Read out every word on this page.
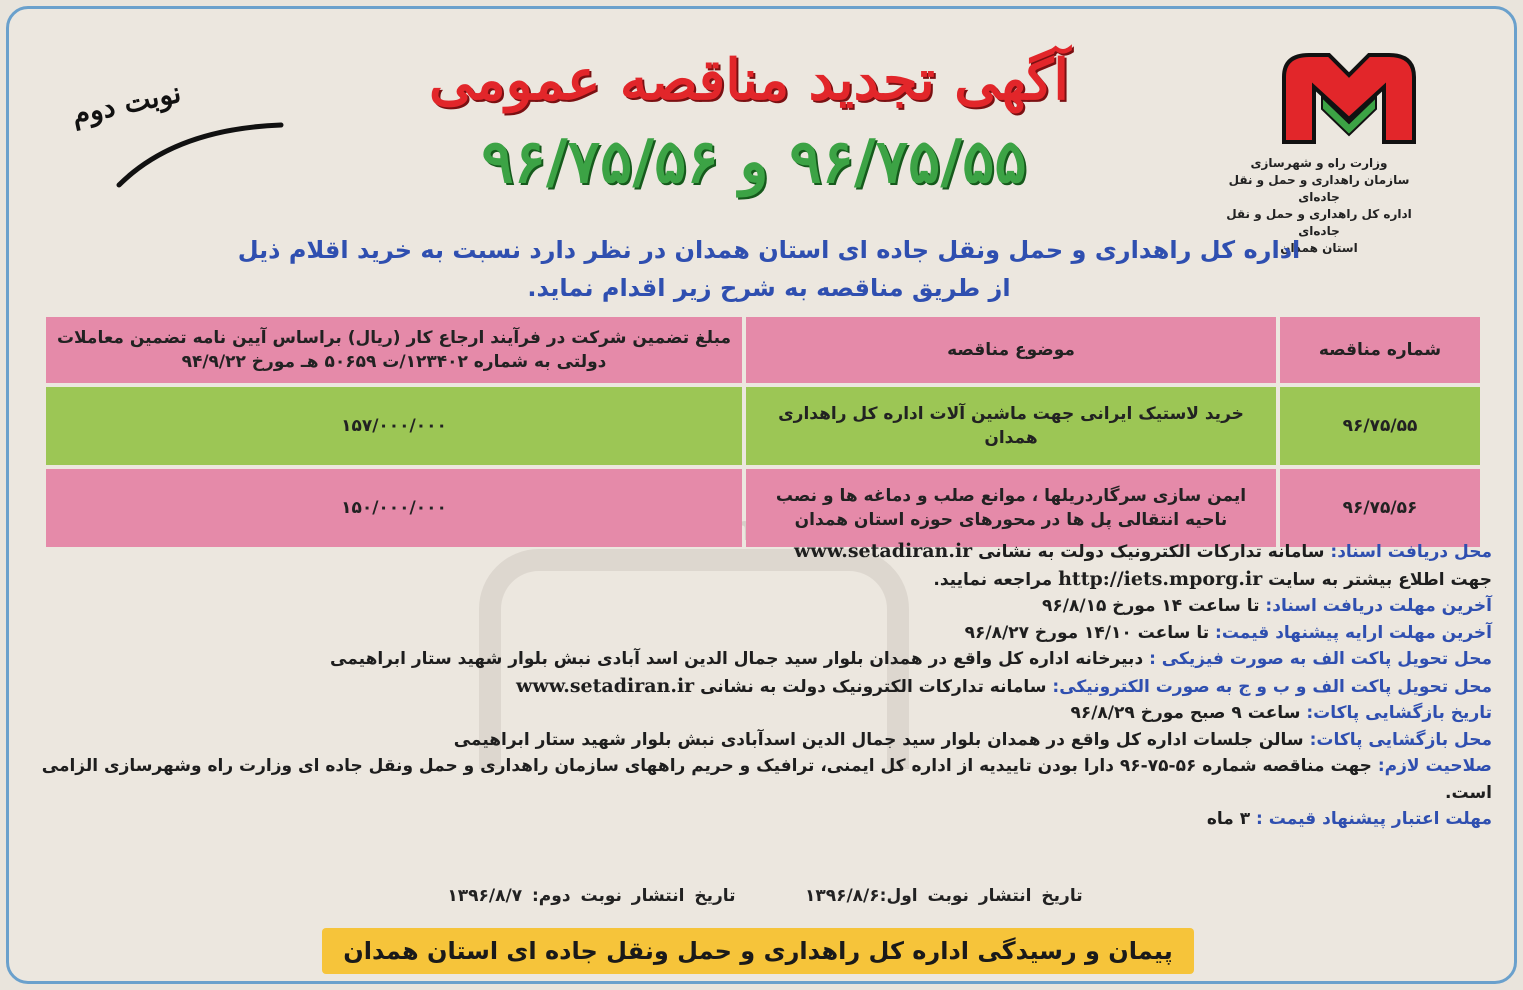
وزارت راه و شهرسازی
سازمان راهداری و حمل و نقل جاده‌ای
اداره کل راهداری و حمل و نقل جاده‌ای
استان همدان
آگهی تجدید مناقصه عمومی
۹۶/۷۵/۵۵ و ۹۶/۷۵/۵۶
نوبت دوم
اداره کل راهداری و حمل ونقل جاده ای استان همدان در نظر دارد نسبت به خرید اقلام ذیل
از طریق مناقصه به شرح زیر اقدام نماید.
شماره مناقصه	موضوع مناقصه	مبلغ تضمین شرکت در فرآیند ارجاع کار (ریال) براساس آیین نامه تضمین معاملات دولتی به شماره ۱۲۳۴۰۲/ت ۵۰۶۵۹ هـ مورخ ۹۴/۹/۲۲
۹۶/۷۵/۵۵	خرید لاستیک ایرانی جهت ماشین آلات اداره کل راهداری همدان	۱۵۷/۰۰۰/۰۰۰
۹۶/۷۵/۵۶	ایمن سازی سرگاردریلها ، موانع صلب و دماغه ها و نصب ناحیه انتقالی پل ها در محورهای حوزه استان همدان	۱۵۰/۰۰۰/۰۰۰
محل دریافت اسناد: سامانه تدارکات الکترونیک دولت به نشانی www.setadiran.ir
جهت اطلاع بیشتر به سایت http://iets.mporg.ir مراجعه نمایید.
آخرین مهلت دریافت اسناد: تا ساعت ۱۴ مورخ ۹۶/۸/۱۵
آخرین مهلت ارایه پیشنهاد قیمت: تا ساعت ۱۴/۱۰ مورخ ۹۶/۸/۲۷
محل تحویل پاکت الف به صورت فیزیکی : دبیرخانه اداره کل واقع در همدان بلوار سید جمال الدین اسد آبادی نبش بلوار شهید ستار ابراهیمی
محل تحویل پاکت الف و ب و ج به صورت الکترونیکی: سامانه تدارکات الکترونیک دولت به نشانی www.setadiran.ir
تاریخ بازگشایی پاکات: ساعت ۹ صبح مورخ ۹۶/۸/۲۹
محل بازگشایی پاکات: سالن جلسات اداره کل واقع در همدان بلوار سید جمال الدین اسدآبادی نبش بلوار شهید ستار ابراهیمی
صلاحیت لازم: جهت مناقصه شماره ۵۶-۷۵-۹۶ دارا بودن تاییدیه از اداره کل ایمنی، ترافیک و حریم راههای سازمان راهداری و حمل ونقل جاده ای وزارت راه وشهرسازی الزامی است.
مهلت اعتبار پیشنهاد قیمت : ۳ ماه
تاریخ انتشار نوبت اول:۱۳۹۶/۸/۶       تاریخ انتشار نوبت دوم: ۱۳۹۶/۸/۷
پیمان و رسیدگی اداره کل راهداری و حمل ونقل جاده ای استان همدان
